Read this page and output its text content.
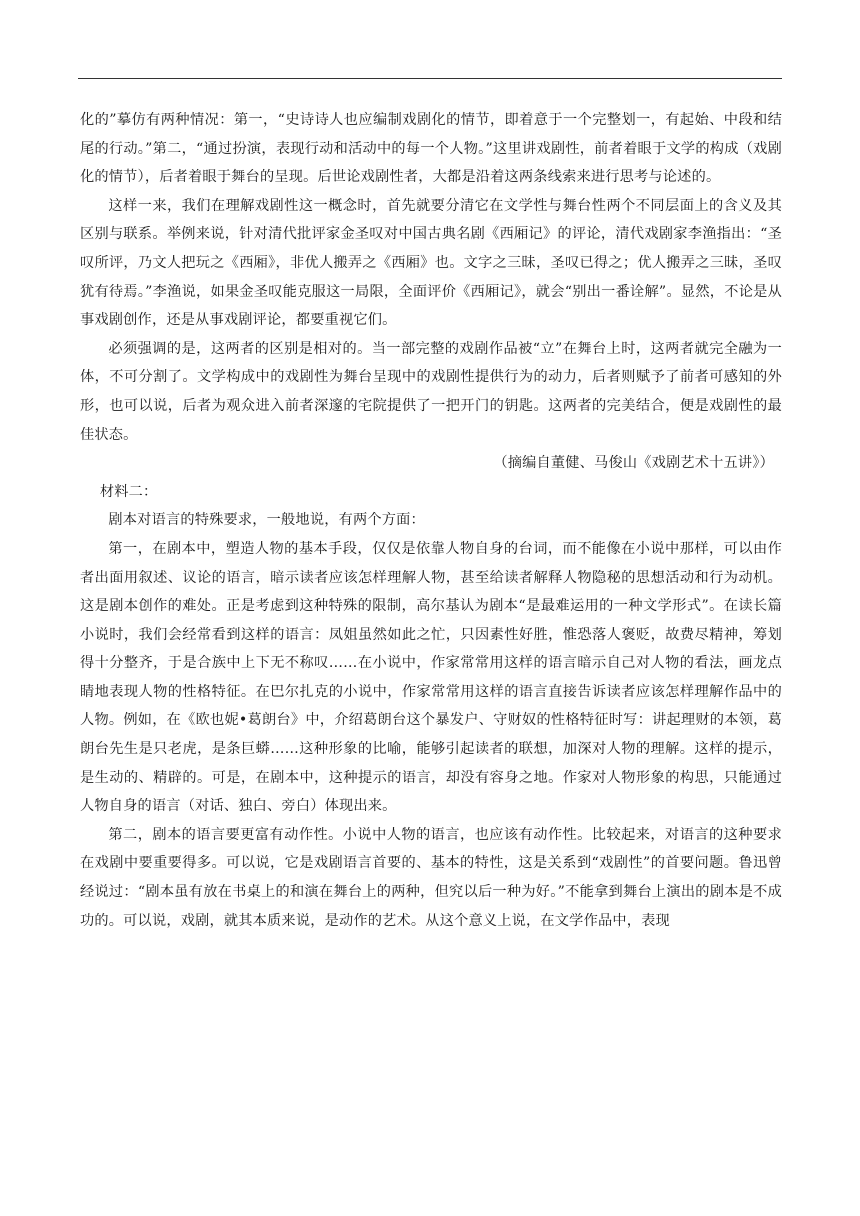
化的”摹仿有两种情况：第一，“史诗诗人也应编制戏剧化的情节，即着意于一个完整划一，有起始、中段和结尾的行动。”第二，“通过扮演，表现行动和活动中的每一个人物。”这里讲戏剧性，前者着眼于文学的构成（戏剧化的情节），后者着眼于舞台的呈现。后世论戏剧性者，大都是沿着这两条线索来进行思考与论述的。

这样一来，我们在理解戏剧性这一概念时，首先就要分清它在文学性与舞台性两个不同层面上的含义及其区别与联系。举例来说，针对清代批评家金圣叹对中国古典名剧《西厢记》的评论，清代戏剧家李渔指出：“圣叹所评，乃文人把玩之《西厢》，非优人搬弄之《西厢》也。文字之三昧，圣叹已得之；优人搬弄之三昧，圣叹犹有待焉。”李渔说，如果金圣叹能克服这一局限，全面评价《西厢记》，就会“别出一番诠解”。显然，不论是从事戏剧创作，还是从事戏剧评论，都要重视它们。

必须强调的是，这两者的区别是相对的。当一部完整的戏剧作品被“立”在舞台上时，这两者就完全融为一体，不可分割了。文学构成中的戏剧性为舞台呈现中的戏剧性提供行为的动力，后者则赋予了前者可感知的外形，也可以说，后者为观众进入前者深邃的宅院提供了一把开门的钥匙。这两者的完美结合，便是戏剧性的最佳状态。

（摘编自董健、马俊山《戏剧艺术十五讲》）

材料二：

剧本对语言的特殊要求，一般地说，有两个方面：

第一，在剧本中，塑造人物的基本手段，仅仅是依靠人物自身的台词，而不能像在小说中那样，可以由作者出面用叙述、议论的语言，暗示读者应该怎样理解人物，甚至给读者解释人物隐秘的思想活动和行为动机。这是剧本创作的难处。正是考虑到这种特殊的限制，高尔基认为剧本“是最难运用的一种文学形式”。在读长篇小说时，我们会经常看到这样的语言：凤姐虽然如此之忙，只因素性好胜，惟恐落人褒贬，故费尽精神，筹划得十分整齐，于是合族中上下无不称叹……在小说中，作家常常用这样的语言暗示自己对人物的看法，画龙点睛地表现人物的性格特征。在巴尔扎克的小说中，作家常常用这样的语言直接告诉读者应该怎样理解作品中的人物。例如，在《欧也妮•葛朗台》中，介绍葛朗台这个暴发户、守财奴的性格特征时写：讲起理财的本领，葛朗台先生是只老虎，是条巨蟒……这种形象的比喻，能够引起读者的联想，加深对人物的理解。这样的提示，是生动的、精辟的。可是，在剧本中，这种提示的语言，却没有容身之地。作家对人物形象的构思，只能通过人物自身的语言（对话、独白、旁白）体现出来。

第二，剧本的语言要更富有动作性。小说中人物的语言，也应该有动作性。比较起来，对语言的这种要求在戏剧中要重要得多。可以说，它是戏剧语言首要的、基本的特性，这是关系到“戏剧性”的首要问题。鲁迅曾经说过：“剧本虽有放在书桌上的和演在舞台上的两种，但究以后一种为好。”不能拿到舞台上演出的剧本是不成功的。可以说，戏剧，就其本质来说，是动作的艺术。从这个意义上说，在文学作品中，表现
